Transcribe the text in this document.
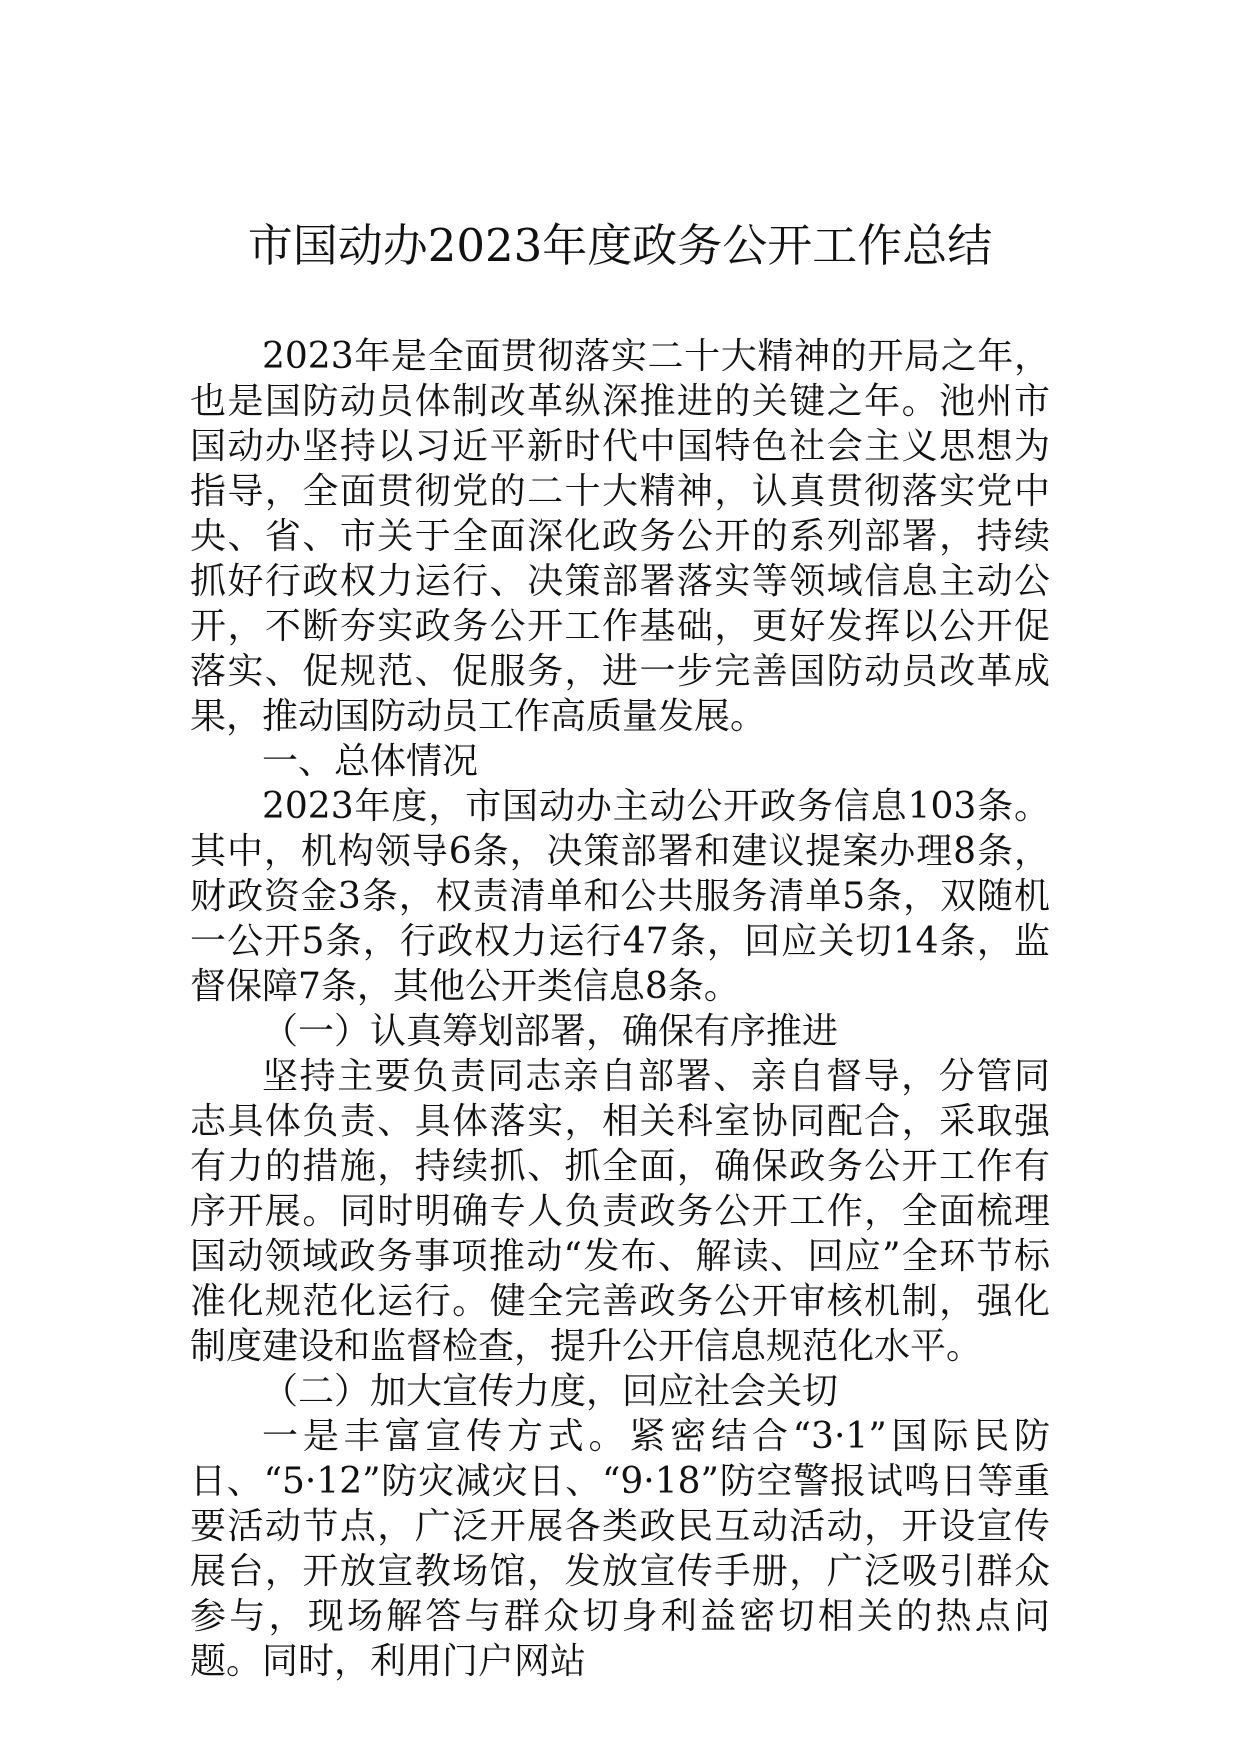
市国动办2023年度政务公开工作总结

2023年是全面贯彻落实二十大精神的开局之年，也是国防动员体制改革纵深推进的关键之年。池州市国动办坚持以习近平新时代中国特色社会主义思想为指导，全面贯彻党的二十大精神，认真贯彻落实党中央、省、市关于全面深化政务公开的系列部署，持续抓好行政权力运行、决策部署落实等领域信息主动公开，不断夯实政务公开工作基础，更好发挥以公开促落实、促规范、促服务，进一步完善国防动员改革成果，推动国防动员工作高质量发展。

一、总体情况

2023年度，市国动办主动公开政务信息103条。其中，机构领导6条，决策部署和建议提案办理8条，财政资金3条，权责清单和公共服务清单5条，双随机一公开5条，行政权力运行47条，回应关切14条，监督保障7条，其他公开类信息8条。

（一）认真筹划部署，确保有序推进

坚持主要负责同志亲自部署、亲自督导，分管同志具体负责、具体落实，相关科室协同配合，采取强有力的措施，持续抓、抓全面，确保政务公开工作有序开展。同时明确专人负责政务公开工作，全面梳理国动领域政务事项推动“发布、解读、回应”全环节标准化规范化运行。健全完善政务公开审核机制，强化制度建设和监督检查，提升公开信息规范化水平。

（二）加大宣传力度，回应社会关切

一是丰富宣传方式。紧密结合“3·1”国际民防日、“5·12”防灾减灾日、“9·18”防空警报试鸣日等重要活动节点，广泛开展各类政民互动活动，开设宣传展台，开放宣教场馆，发放宣传手册，广泛吸引群众参与，现场解答与群众切身利益密切相关的热点问题。同时，利用门户网站
